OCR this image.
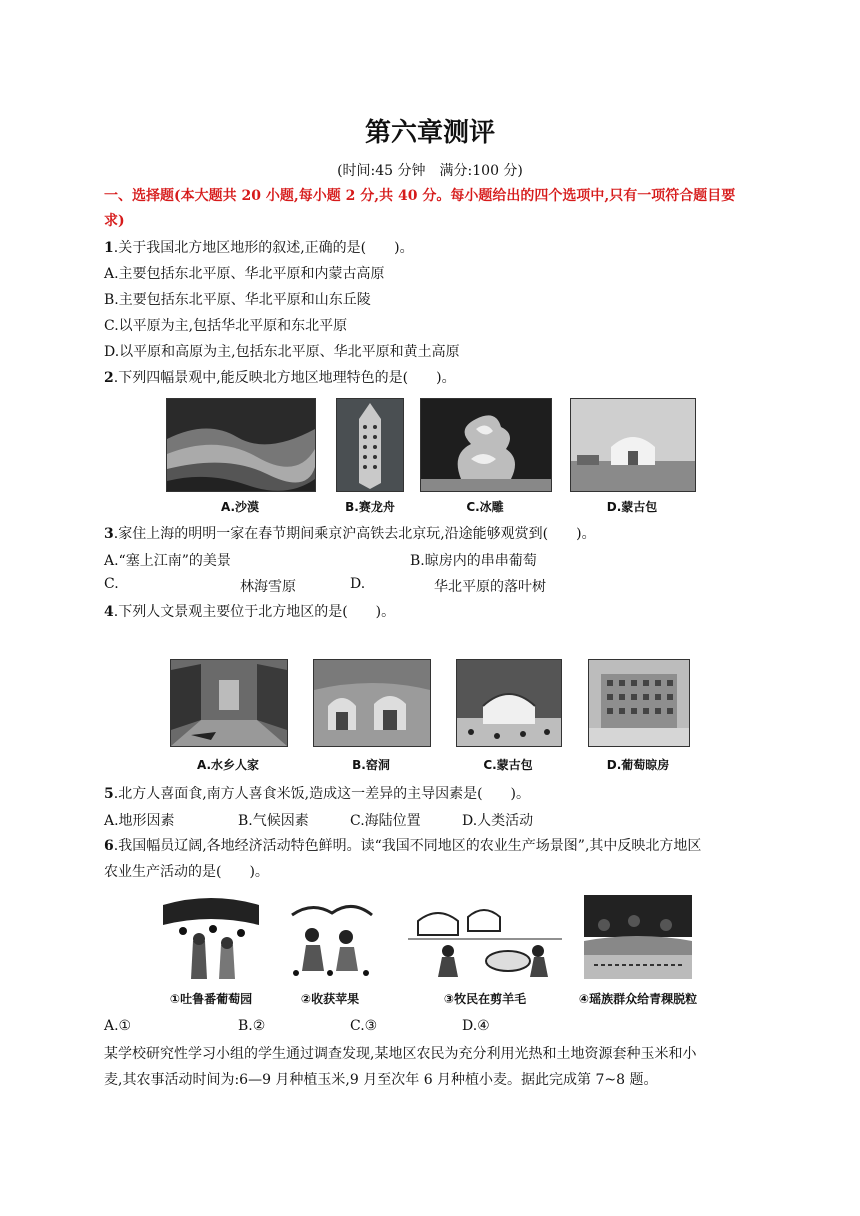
第六章测评
(时间:45 分钟　满分:100 分)
一、选择题(本大题共 20 小题,每小题 2 分,共 40 分。每小题给出的四个选项中,只有一项符合题目要
求)
1.关于我国北方地区地形的叙述,正确的是(　　)。
A.主要包括东北平原、华北平原和内蒙古高原
B.主要包括东北平原、华北平原和山东丘陵
C.以平原为主,包括华北平原和东北平原
D.以平原和高原为主,包括东北平原、华北平原和黄土高原
2.下列四幅景观中,能反映北方地区地理特色的是(　　)。
A.沙漠	B.赛龙舟	C.冰雕	D.蒙古包
3.家住上海的明明一家在春节期间乘京沪高铁去北京玩,沿途能够观赏到(　　)。
A.“塞上江南”的美景	B.晾房内的串串葡萄
C.	林海雪原	D.	华北平原的落叶树
4.下列人文景观主要位于北方地区的是(　　)。
A.水乡人家	B.窑洞	C.蒙古包	D.葡萄晾房
5.北方人喜面食,南方人喜食米饭,造成这一差异的主导因素是(　　)。
A.地形因素	B.气候因素	C.海陆位置	D.人类活动
6.我国幅员辽阔,各地经济活动特色鲜明。读“我国不同地区的农业生产场景图”,其中反映北方地区
农业生产活动的是(　　)。
①吐鲁番葡萄园	②收获苹果	③牧民在剪羊毛	④瑶族群众给青稞脱粒
A.①	B.②	C.③	D.④
某学校研究性学习小组的学生通过调查发现,某地区农民为充分利用光热和土地资源套种玉米和小
麦,其农事活动时间为:6—9 月种植玉米,9 月至次年 6 月种植小麦。据此完成第 7~8 题。
